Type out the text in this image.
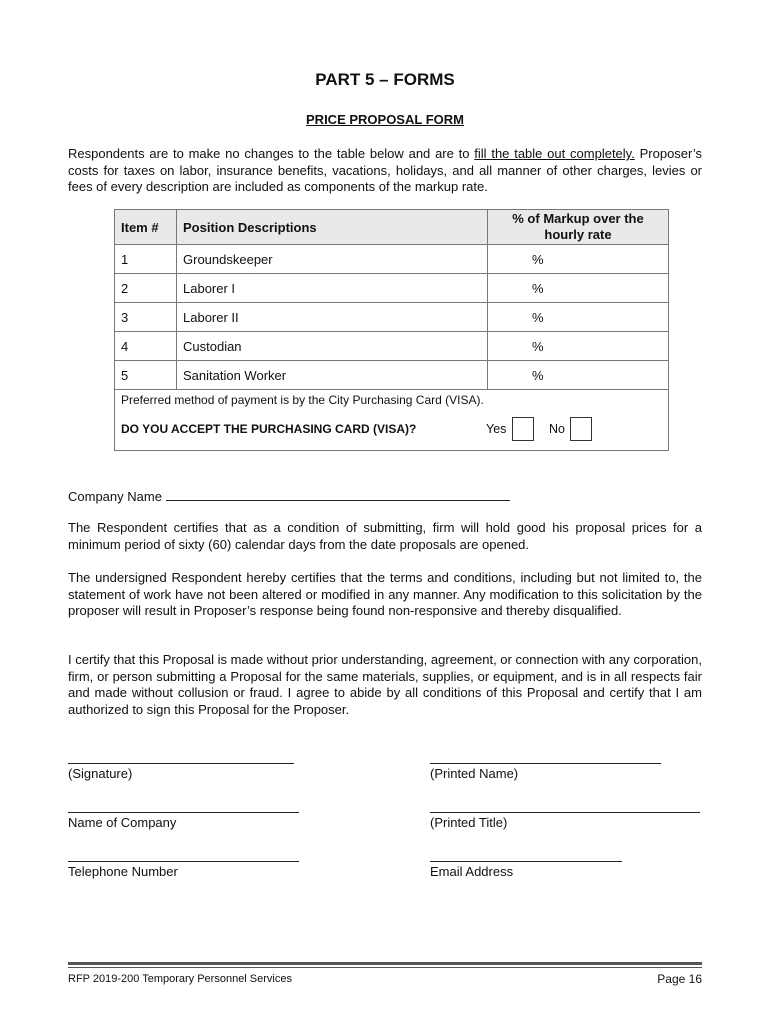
PART 5 – FORMS
PRICE PROPOSAL FORM
Respondents are to make no changes to the table below and are to fill the table out completely. Proposer’s costs for taxes on labor, insurance benefits, vacations, holidays, and all manner of other charges, levies or fees of every description are included as components of the markup rate.
Item #	Position Descriptions	% of Markup over the hourly rate
1	Groundskeeper	%
2	Laborer I	%
3	Laborer II	%
4	Custodian	%
5	Sanitation Worker	%

Preferred method of payment is by the City Purchasing Card (VISA).
DO YOU ACCEPT THE PURCHASING CARD (VISA)? Yes No		
Company Name
The Respondent certifies that as a condition of submitting, firm will hold good his proposal prices for a minimum period of sixty (60) calendar days from the date proposals are opened.
The undersigned Respondent hereby certifies that the terms and conditions, including but not limited to, the statement of work have not been altered or modified in any manner. Any modification to this solicitation by the proposer will result in Proposer’s response being found non-responsive and thereby disqualified.
I certify that this Proposal is made without prior understanding, agreement, or connection with any corporation, firm, or person submitting a Proposal for the same materials, supplies, or equipment, and is in all respects fair and made without collusion or fraud. I agree to abide by all conditions of this Proposal and certify that I am authorized to sign this Proposal for the Proposer.
(Signature)	(Printed Name)
Name of Company	(Printed Title)
Telephone Number	Email Address
RFP 2019-200 Temporary Personnel Services	Page 16
